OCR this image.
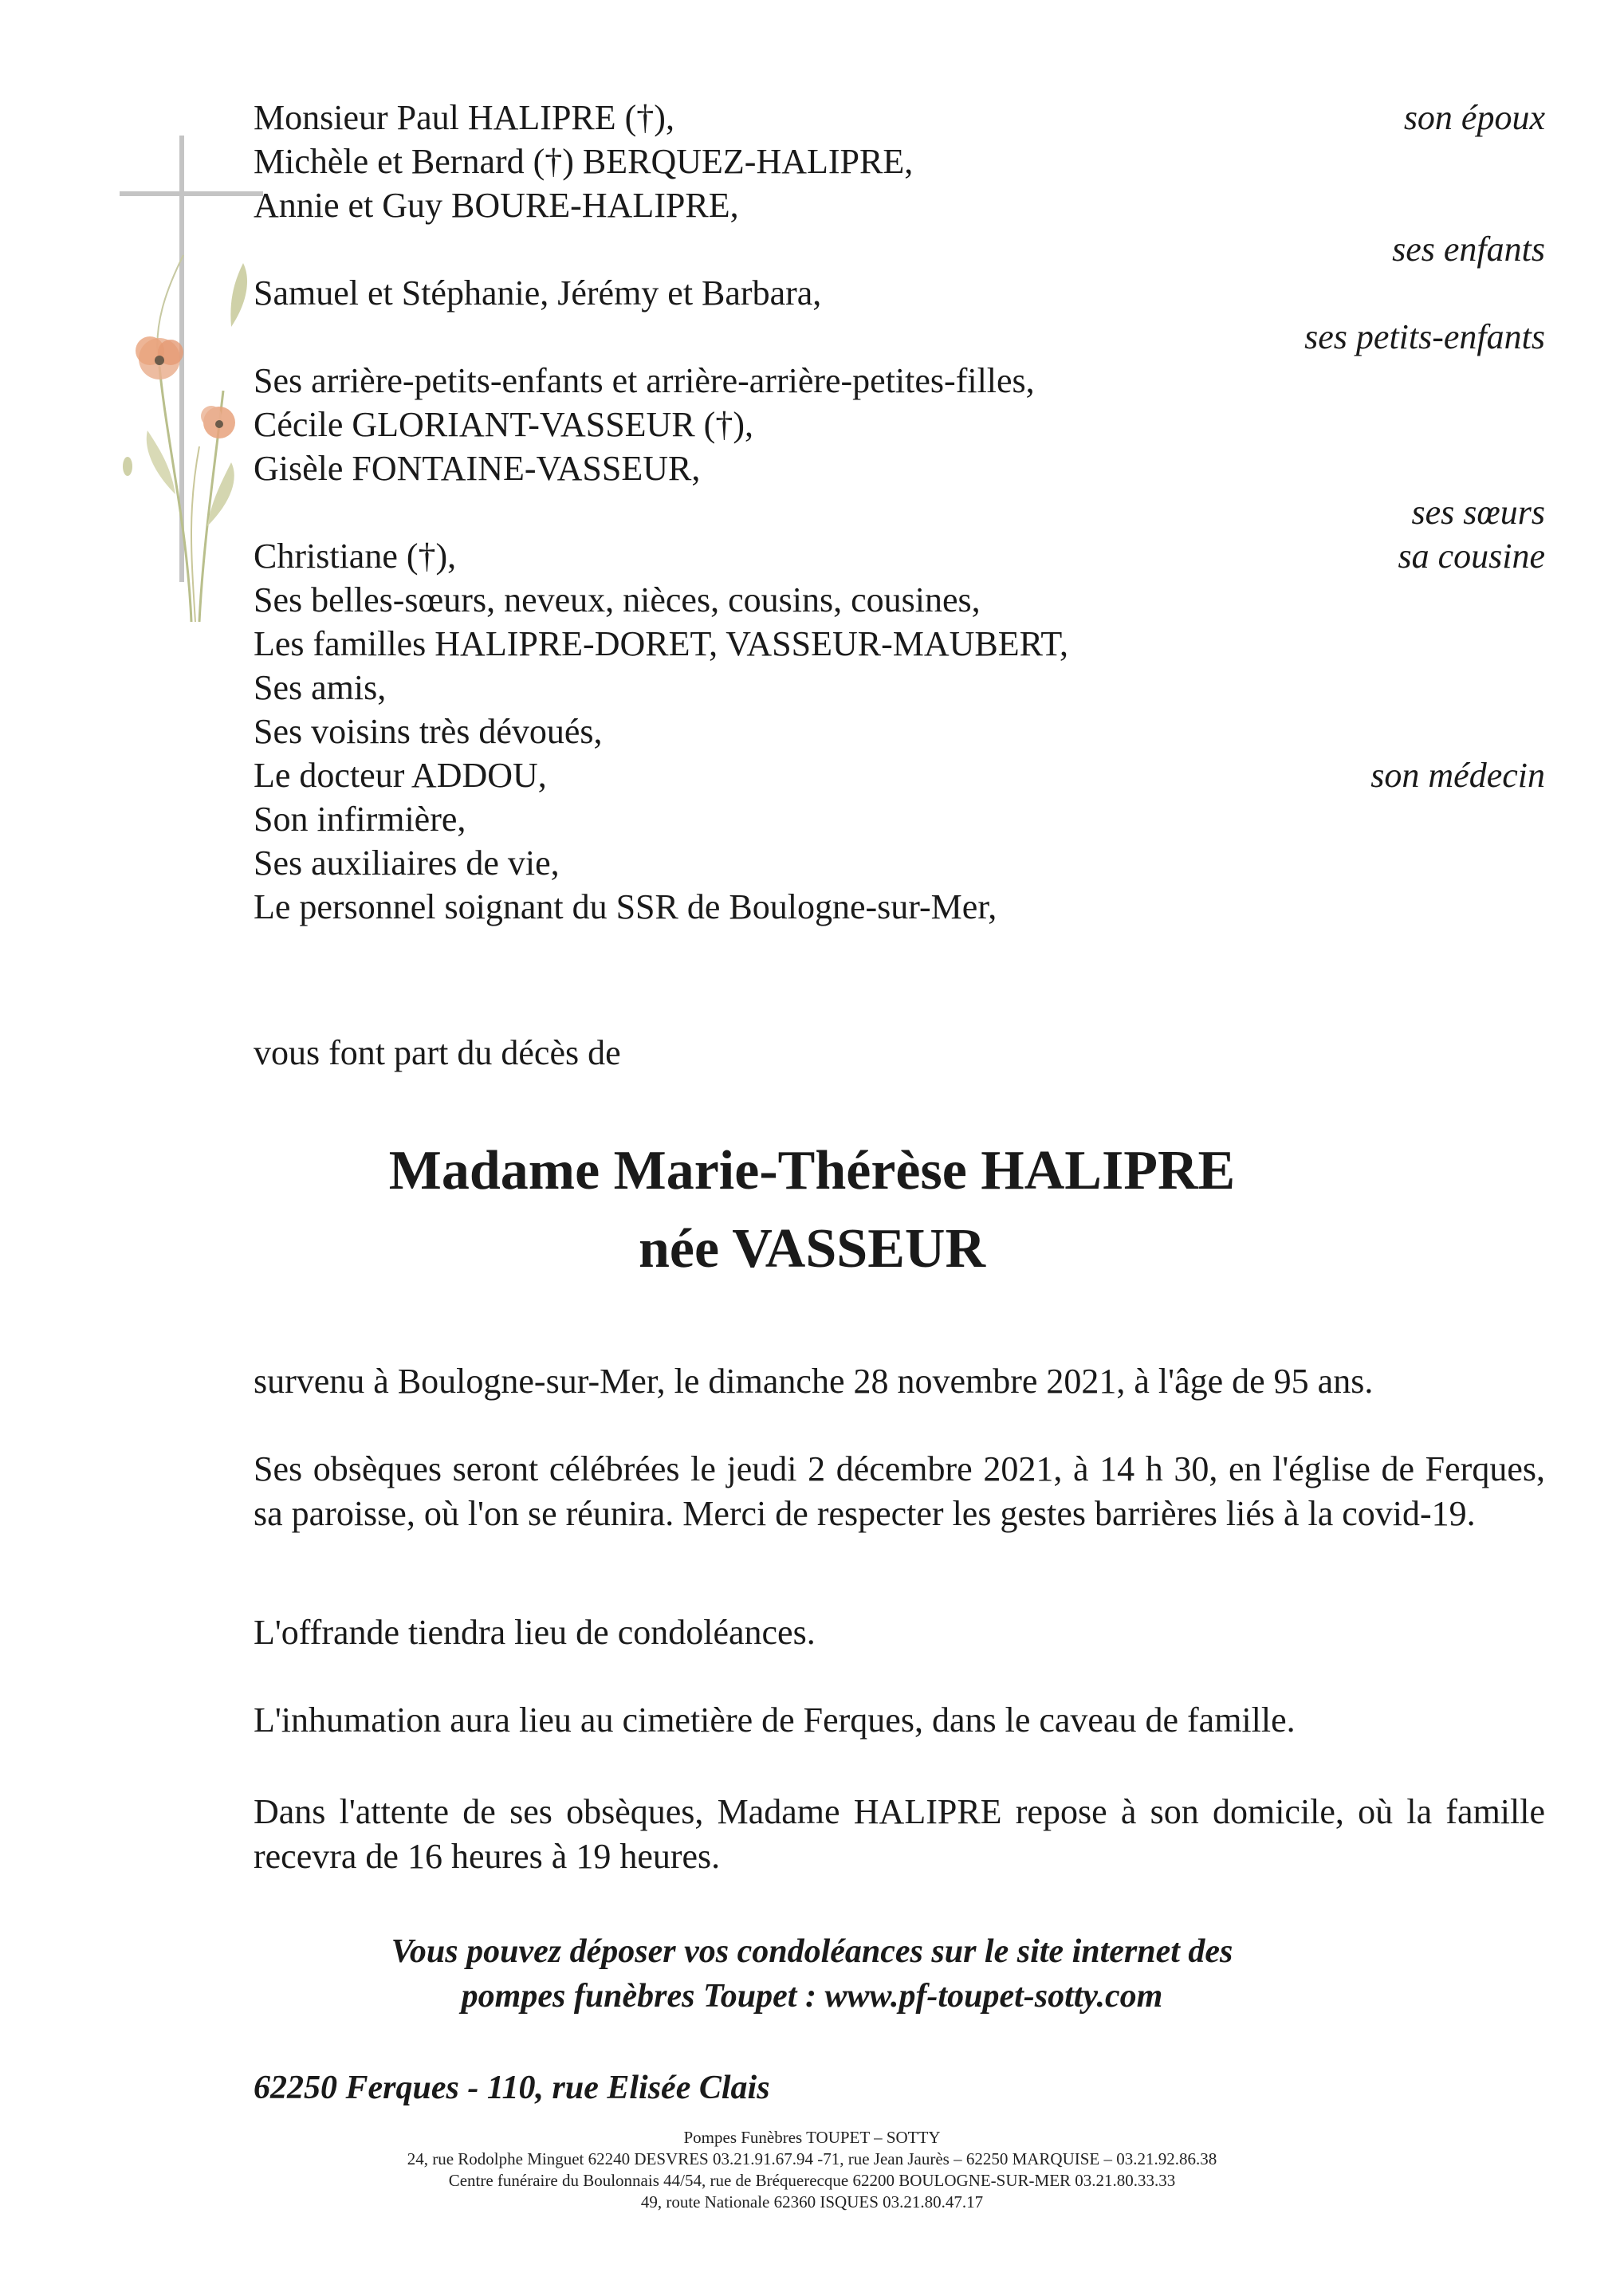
Monsieur Paul HALIPRE (†),	son époux
Michèle et Bernard (†) BERQUEZ-HALIPRE,
Annie et Guy BOURE-HALIPRE,
ses enfants
Samuel et Stéphanie, Jérémy et Barbara,
ses petits-enfants
Ses arrière-petits-enfants et arrière-arrière-petites-filles,
Cécile GLORIANT-VASSEUR (†),
Gisèle FONTAINE-VASSEUR,
ses sœurs
Christiane (†),	sa cousine
Ses belles-sœurs, neveux, nièces, cousins, cousines,
Les familles HALIPRE-DORET, VASSEUR-MAUBERT,
Ses amis,
Ses voisins très dévoués,
Le docteur ADDOU,	son médecin
Son infirmière,
Ses auxiliaires de vie,
Le personnel soignant du SSR de Boulogne-sur-Mer,
vous font part du décès de
Madame Marie-Thérèse HALIPRE
née VASSEUR

survenu à Boulogne-sur-Mer, le dimanche 28 novembre 2021, à l'âge de 95 ans.

Ses obsèques seront célébrées le jeudi 2 décembre 2021, à 14 h 30, en l'église de Ferques, sa paroisse, où l'on se réunira. Merci de respecter les gestes barrières liés à la covid-19.

L'offrande tiendra lieu de condoléances.

L'inhumation aura lieu au cimetière de Ferques, dans le caveau de famille.

Dans l'attente de ses obsèques, Madame HALIPRE repose à son domicile, où la famille recevra de 16 heures à 19 heures.

Vous pouvez déposer vos condoléances sur le site internet des
pompes funèbres Toupet : www.pf-toupet-sotty.com
62250 Ferques - 110, rue Elisée Clais
Pompes Funèbres TOUPET – SOTTY
24, rue Rodolphe Minguet 62240 DESVRES 03.21.91.67.94 -71, rue Jean Jaurès – 62250 MARQUISE – 03.21.92.86.38
Centre funéraire du Boulonnais 44/54, rue de Bréquerecque 62200 BOULOGNE-SUR-MER 03.21.80.33.33
49, route Nationale 62360 ISQUES 03.21.80.47.17
